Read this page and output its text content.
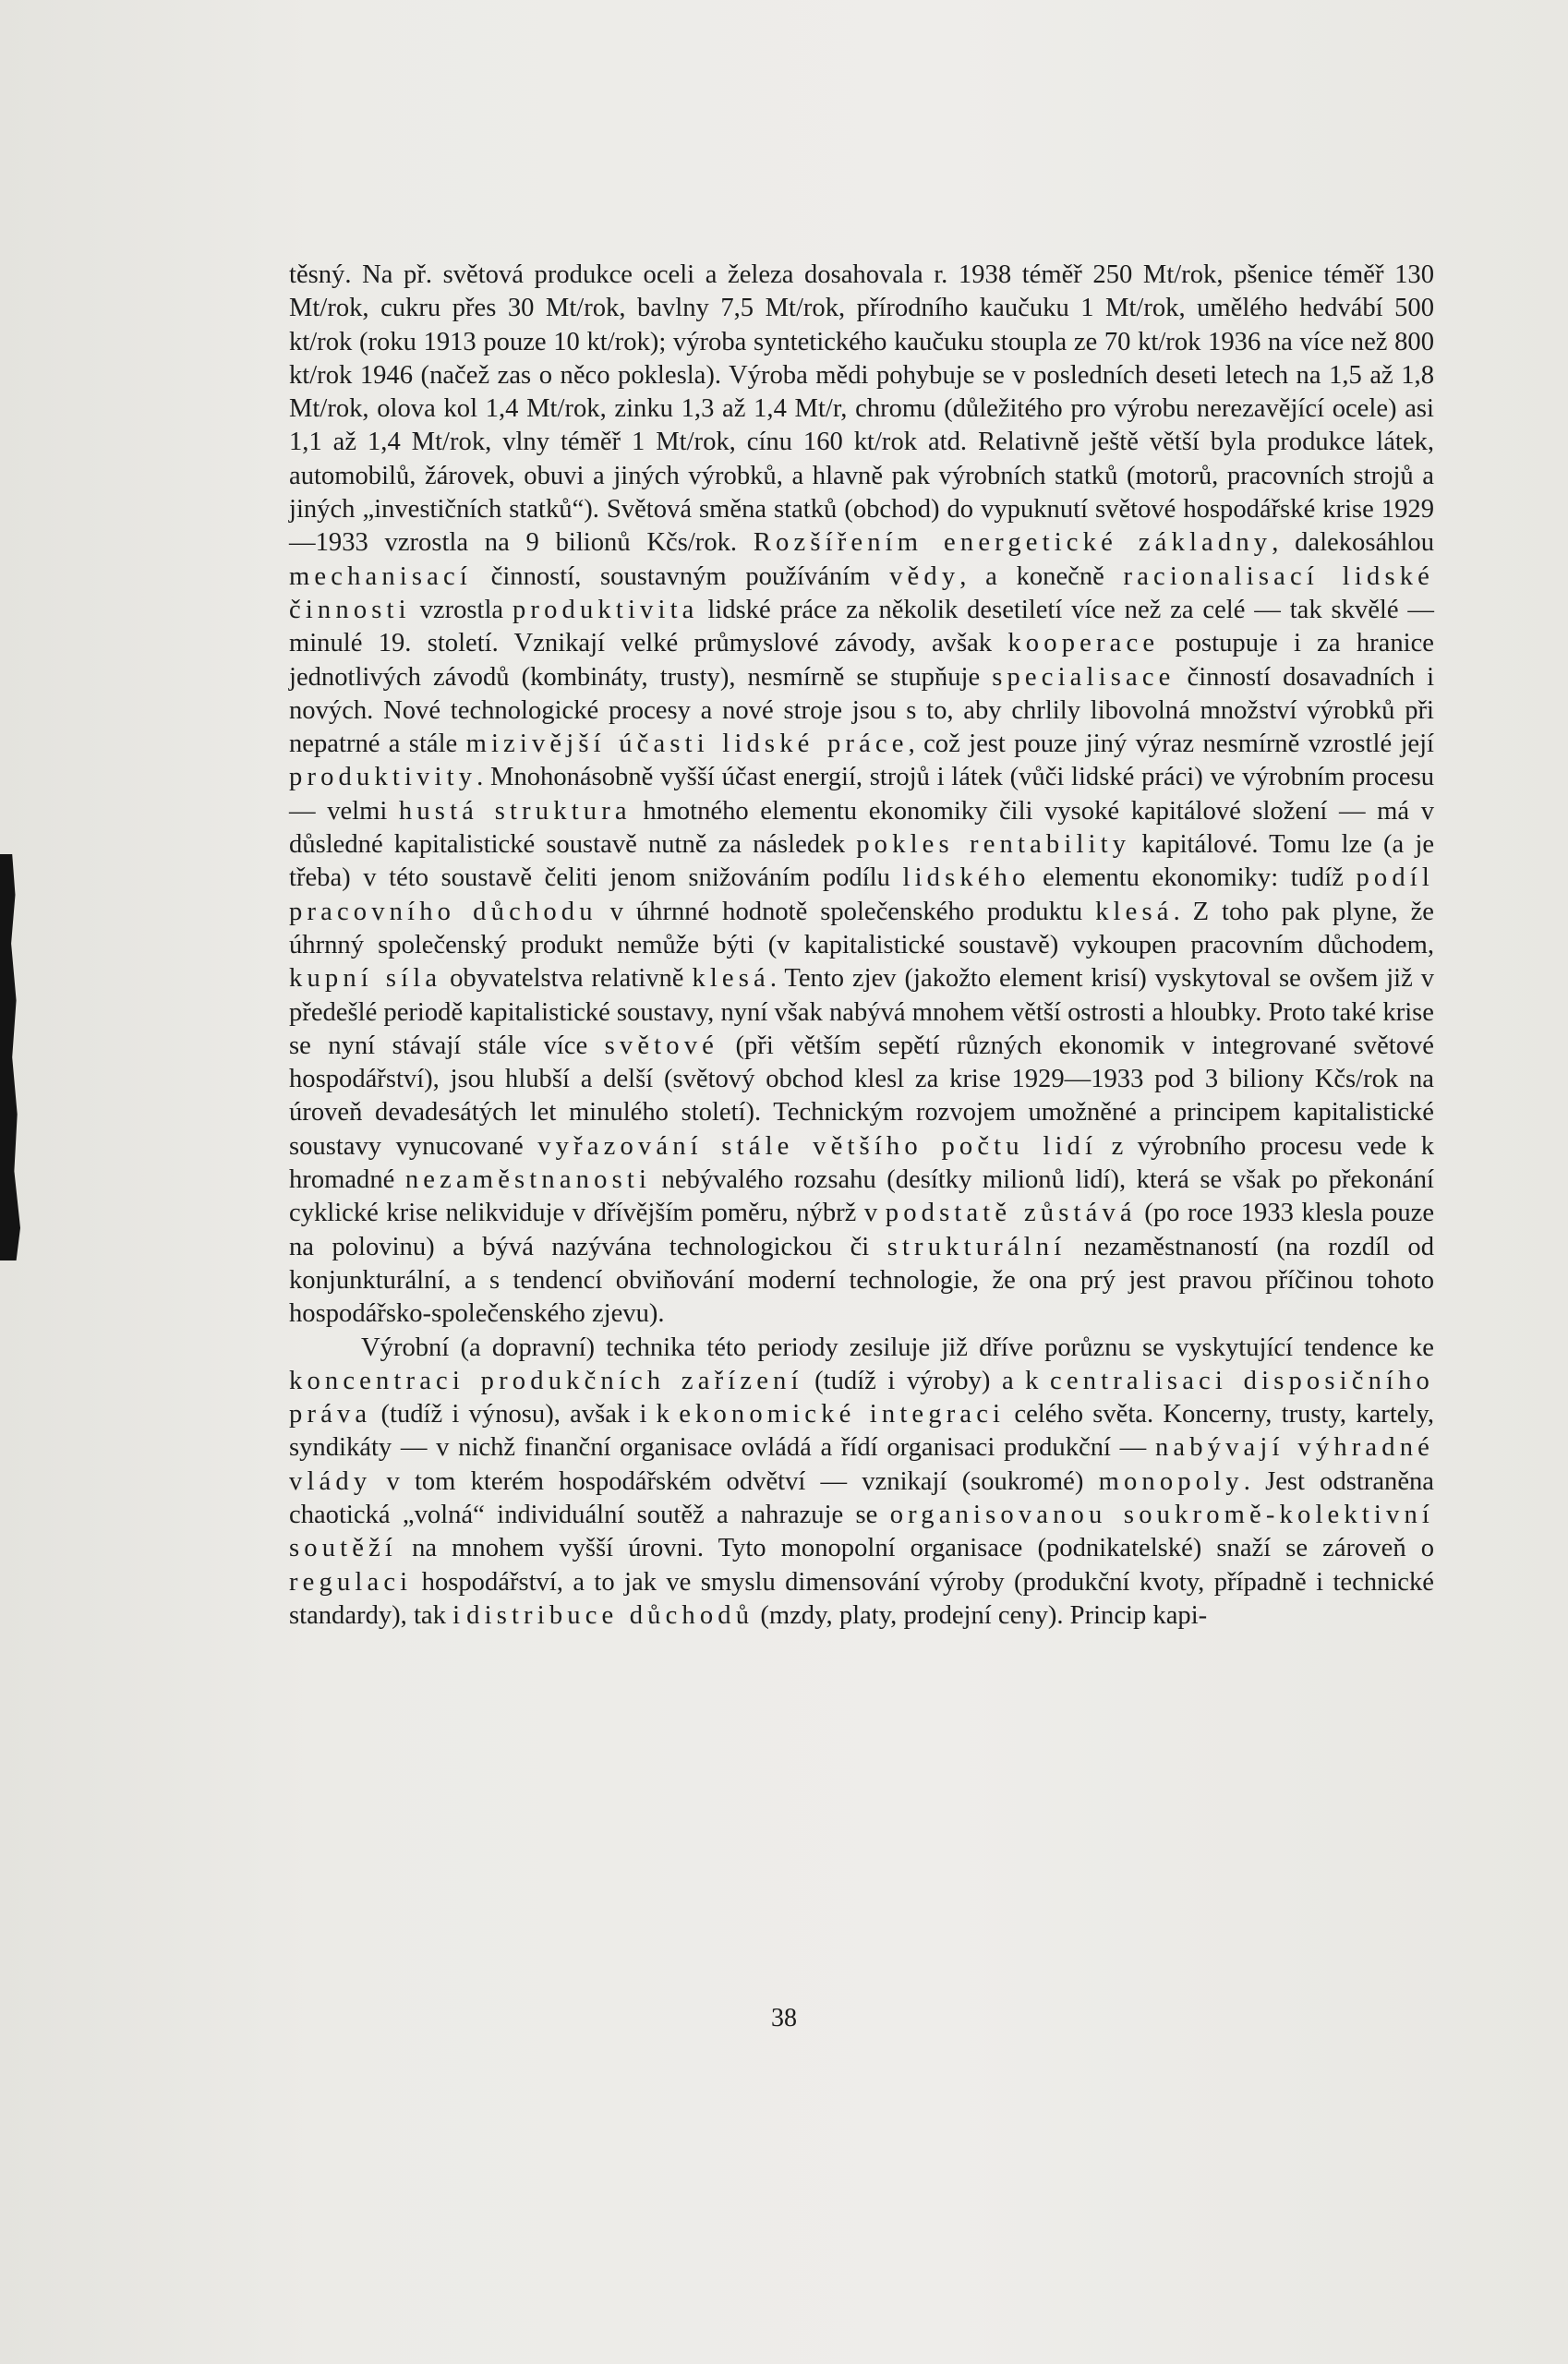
těsný. Na př. světová produkce oceli a železa dosahovala r. 1938 téměř 250 Mt/rok, pšenice téměř 130 Mt/rok, cukru přes 30 Mt/rok, bavlny 7,5 Mt/rok, přírodního kaučuku 1 Mt/rok, umělého hedvábí 500 kt/rok (roku 1913 pouze 10 kt/rok); výroba syntetického kaučuku stoupla ze 70 kt/rok 1936 na více než 800 kt/rok 1946 (načež zas o něco poklesla). Výroba mědi pohybuje se v posledních deseti letech na 1,5 až 1,8 Mt/rok, olova kol 1,4 Mt/rok, zinku 1,3 až 1,4 Mt/r, chromu (důležitého pro výrobu nerezavějící ocele) asi 1,1 až 1,4 Mt/rok, vlny téměř 1 Mt/rok, cínu 160 kt/rok atd. Relativně ještě větší byla produkce látek, automobilů, žárovek, obuvi a jiných výrobků, a hlavně pak výrobních statků (motorů, pracovních strojů a jiných „investičních statků“). Světová směna statků (obchod) do vypuknutí světové hospodářské krise 1929—1933 vzrostla na 9 bilionů Kčs/rok. Rozšířením energetické základny, dalekosáhlou mechanisací činností, soustavným používáním vědy, a konečně racionalisací lidské činnosti vzrostla produktivita lidské práce za několik desetiletí více než za celé — tak skvělé — minulé 19. století. Vznikají velké průmyslové závody, avšak kooperace postupuje i za hranice jednotlivých závodů (kombináty, trusty), nesmírně se stupňuje specialisace činností dosavadních i nových. Nové technologické procesy a nové stroje jsou s to, aby chrlily libovolná množství výrobků při nepatrné a stále mizivější účasti lidské práce, což jest pouze jiný výraz nesmírně vzrostlé její produktivity. Mnohonásobně vyšší účast energií, strojů i látek (vůči lidské práci) ve výrobním procesu — velmi hustá struktura hmotného elementu ekonomiky čili vysoké kapitálové složení — má v důsledné kapitalistické soustavě nutně za následek pokles rentability kapitálové. Tomu lze (a je třeba) v této soustavě čeliti jenom snižováním podílu lidského elementu ekonomiky: tudíž podíl pracovního důchodu v úhrnné hodnotě společenského produktu klesá. Z toho pak plyne, že úhrnný společenský produkt nemůže býti (v kapitalistické soustavě) vykoupen pracovním důchodem, kupní síla obyvatelstva relativně klesá. Tento zjev (jakožto element krisí) vyskytoval se ovšem již v předešlé periodě kapitalistické soustavy, nyní však nabývá mnohem větší ostrosti a hloubky. Proto také krise se nyní stávají stále více světové (při větším sepětí různých ekonomik v integrované světové hospodářství), jsou hlubší a delší (světový obchod klesl za krise 1929—1933 pod 3 biliony Kčs/rok na úroveň devadesátých let minulého století). Technickým rozvojem umožněné a principem kapitalistické soustavy vynucované vyřazování stále většího počtu lidí z výrobního procesu vede k hromadné nezaměstnanosti nebývalého rozsahu (desítky milionů lidí), která se však po překonání cyklické krise nelikviduje v dřívějším poměru, nýbrž v podstatě zůstává (po roce 1933 klesla pouze na polovinu) a bývá nazývána technologickou či strukturální nezaměstnaností (na rozdíl od konjunkturální, a s tendencí obviňování moderní technologie, že ona prý jest pravou příčinou tohoto hospodářsko-společenského zjevu).

Výrobní (a dopravní) technika této periody zesiluje již dříve porůznu se vyskytující tendence ke koncentraci produkčních zařízení (tudíž i výroby) a k centralisaci disposičního práva (tudíž i výnosu), avšak i k ekonomické integraci celého světa. Koncerny, trusty, kartely, syndikáty — v nichž finanční organisace ovládá a řídí organisaci produkční — nabývají výhradné vlády v tom kterém hospodářském odvětví — vznikají (soukromé) monopoly. Jest odstraněna chaotická „volná“ individuální soutěž a nahrazuje se organisovanou soukromě-kolektivní soutěží na mnohem vyšší úrovni. Tyto monopolní organisace (podnikatelské) snaží se zároveň o regulaci hospodářství, a to jak ve smyslu dimensování výroby (produkční kvoty, případně i technické standardy), tak i distribuce důchodů (mzdy, platy, prodejní ceny). Princip kapi-

38
